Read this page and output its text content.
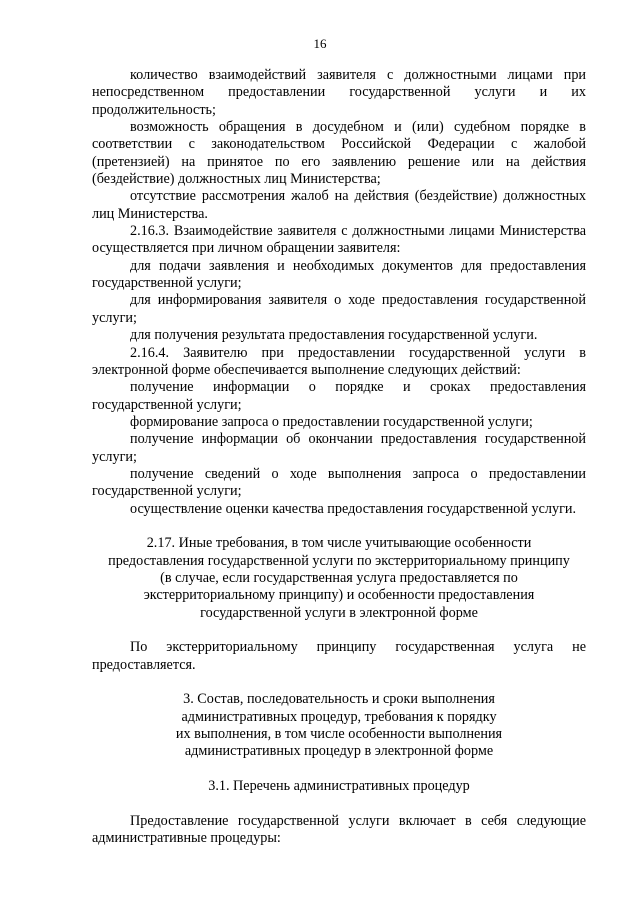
16

количество взаимодействий заявителя с должностными лицами при непосредственном предоставлении государственной услуги и их продолжительность;

возможность обращения в досудебном и (или) судебном порядке в соответствии с законодательством Российской Федерации с жалобой (претензией) на принятое по его заявлению решение или на действия (бездействие) должностных лиц Министерства;

отсутствие рассмотрения жалоб на действия (бездействие) должностных лиц Министерства.

2.16.3. Взаимодействие заявителя с должностными лицами Министерства осуществляется при личном обращении заявителя:

для подачи заявления и необходимых документов для предоставления государственной услуги;

для информирования заявителя о ходе предоставления государственной услуги;

для получения результата предоставления государственной услуги.

2.16.4. Заявителю при предоставлении государственной услуги в электронной форме обеспечивается выполнение следующих действий:

получение информации о порядке и сроках предоставления государственной услуги;

формирование запроса о предоставлении государственной услуги;

получение информации об окончании предоставления государственной услуги;

получение сведений о ходе выполнения запроса о предоставлении государственной услуги;

осуществление оценки качества предоставления государственной услуги.

2.17. Иные требования, в том числе учитывающие особенности
предоставления государственной услуги по экстерриториальному принципу
(в случае, если государственная услуга предоставляется по
экстерриториальному принципу) и особенности предоставления
государственной услуги в электронной форме

По экстерриториальному принципу государственная услуга не предоставляется.

3. Состав, последовательность и сроки выполнения
административных процедур, требования к порядку
их выполнения, в том числе особенности выполнения
административных процедур в электронной форме
3.1. Перечень административных процедур

Предоставление государственной услуги включает в себя следующие административные процедуры:
